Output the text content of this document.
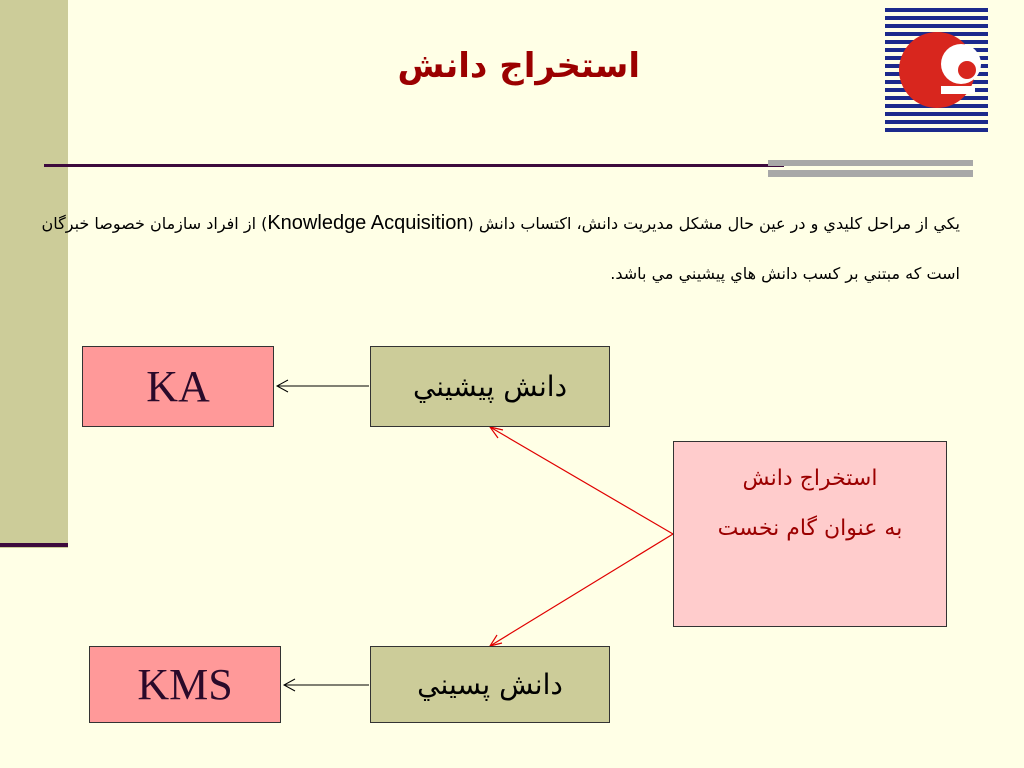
استخراج دانش
يكي از مراحل كليدي و در عين حال مشكل مديريت دانش، اكتساب دانش (Knowledge Acquisition) از افراد سازمان خصوصا خبرگان است كه مبتني بر كسب دانش هاي پيشيني مي باشد.
KA
KMS
دانش پيشيني
دانش پسيني
استخراج دانش
به عنوان گام نخست
